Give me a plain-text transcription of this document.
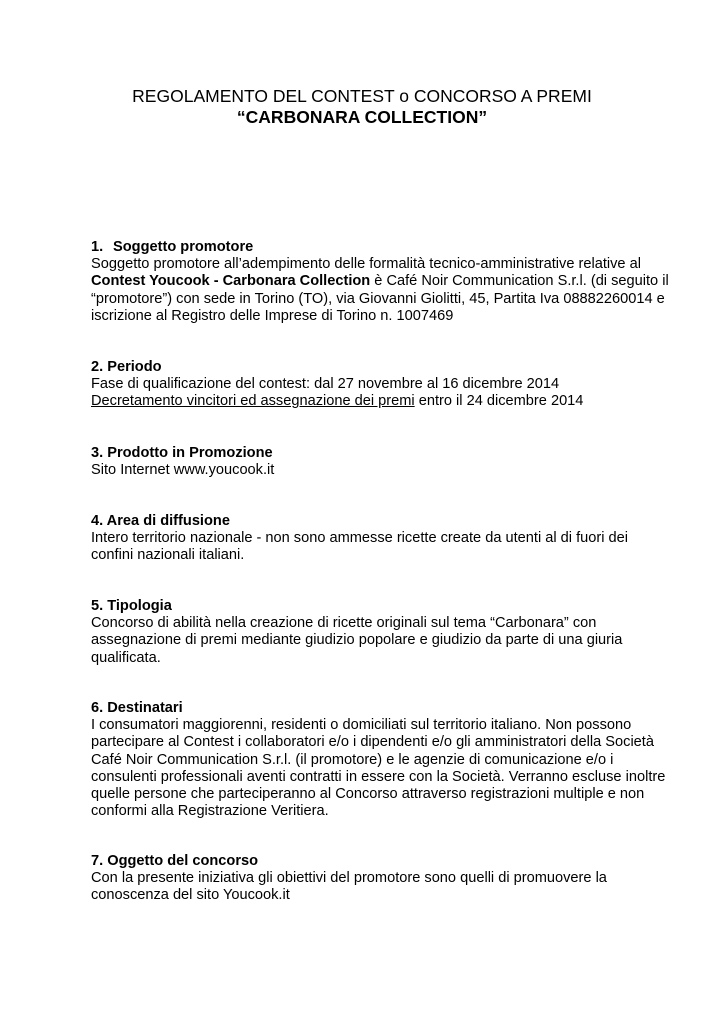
REGOLAMENTO DEL CONTEST o CONCORSO A PREMI
“CARBONARA COLLECTION”
1. Soggetto promotore

Soggetto promotore all’adempimento delle formalità tecnico-amministrative relative al Contest Youcook - Carbonara Collection è Café Noir Communication S.r.l. (di seguito il “promotore”) con sede in Torino (TO), via Giovanni Giolitti, 45, Partita Iva 08882260014 e iscrizione al Registro delle Imprese di Torino n. 1007469

2. Periodo

Fase di qualificazione del contest: dal 27 novembre al 16 dicembre 2014

Decretamento vincitori ed assegnazione dei premi entro il 24 dicembre 2014

3. Prodotto in Promozione

Sito Internet www.youcook.it

4. Area di diffusione

Intero territorio nazionale - non sono ammesse ricette create da utenti al di fuori dei confini nazionali italiani.

5. Tipologia

Concorso di abilità nella creazione di ricette originali sul tema “Carbonara” con assegnazione di premi mediante giudizio popolare e giudizio da parte di una giuria qualificata.

6. Destinatari

I consumatori maggiorenni, residenti o domiciliati sul territorio italiano. Non possono partecipare al Contest i collaboratori e/o i dipendenti e/o gli amministratori della Società Café Noir Communication S.r.l. (il promotore) e le agenzie di comunicazione e/o i consulenti professionali aventi contratti in essere con la Società. Verranno escluse inoltre quelle persone che parteciperanno al Concorso attraverso registrazioni multiple e non conformi alla Registrazione Veritiera.

7. Oggetto del concorso

Con la presente iniziativa gli obiettivi del promotore sono quelli di promuovere la conoscenza del sito Youcook.it
